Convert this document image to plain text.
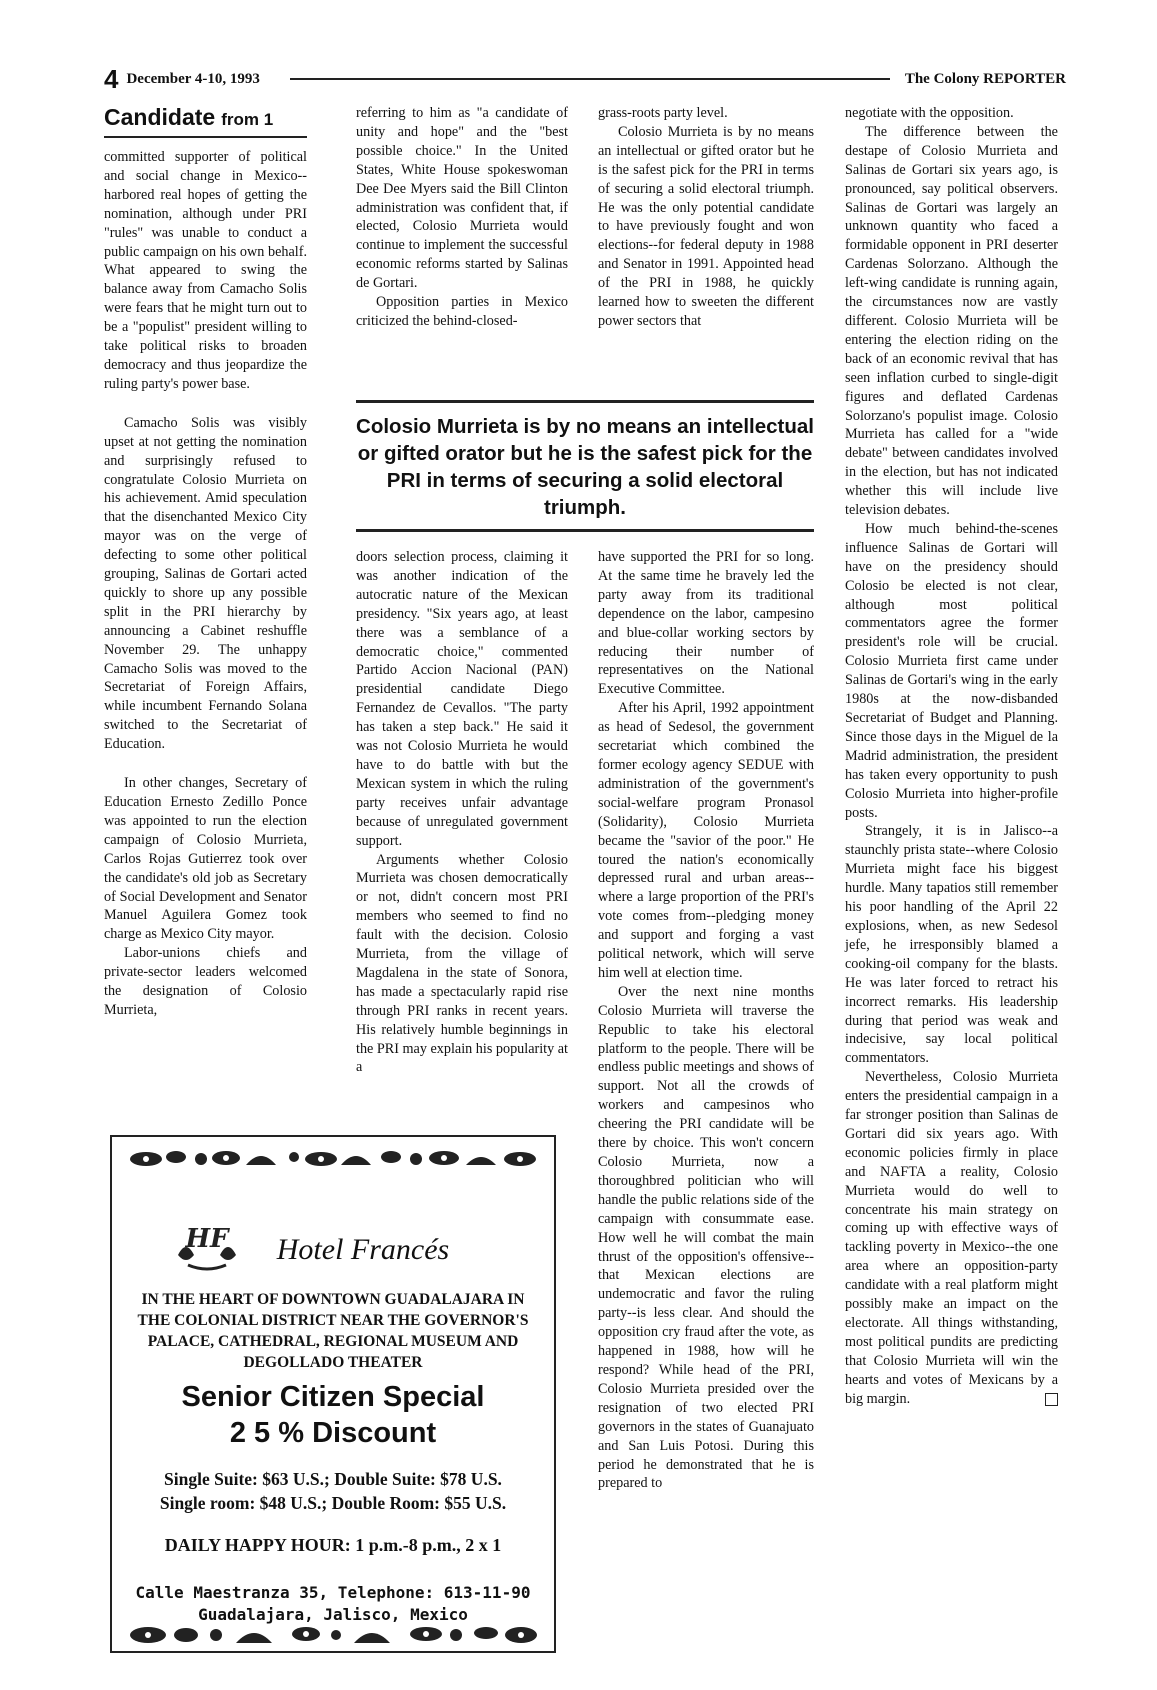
4 December 4-10, 1993	The Colony REPORTER
Candidate from 1

committed supporter of political and social change in Mexico--harbored real hopes of getting the nomination, although under PRI "rules" was unable to conduct a public campaign on his own behalf. What appeared to swing the balance away from Camacho Solis were fears that he might turn out to be a "populist" president willing to take political risks to broaden democracy and thus jeopardize the ruling party's power base.

Camacho Solis was visibly upset at not getting the nomination and surprisingly refused to congratulate Colosio Murrieta on his achievement. Amid speculation that the disenchanted Mexico City mayor was on the verge of defecting to some other political grouping, Salinas de Gortari acted quickly to shore up any possible split in the PRI hierarchy by announcing a Cabinet reshuffle November 29. The unhappy Camacho Solis was moved to the Secretariat of Foreign Affairs, while incumbent Fernando Solana switched to the Secretariat of Education.

In other changes, Secretary of Education Ernesto Zedillo Ponce was appointed to run the election campaign of Colosio Murrieta, Carlos Rojas Gutierrez took over the candidate's old job as Secretary of Social Development and Senator Manuel Aguilera Gomez took charge as Mexico City mayor.

Labor-unions chiefs and private-sector leaders welcomed the designation of Colosio Murrieta,

referring to him as "a candidate of unity and hope" and the "best possible choice." In the United States, White House spokeswoman Dee Dee Myers said the Bill Clinton administration was confident that, if elected, Colosio Murrieta would continue to implement the successful economic reforms started by Salinas de Gortari.

Opposition parties in Mexico criticized the behind-closed-

grass-roots party level.

Colosio Murrieta is by no means an intellectual or gifted orator but he is the safest pick for the PRI in terms of securing a solid electoral triumph. He was the only potential candidate to have previously fought and won elections--for federal deputy in 1988 and Senator in 1991. Appointed head of the PRI in 1988, he quickly learned how to sweeten the different power sectors that

Colosio Murrieta is by no means an intellectual or gifted orator but he is the safest pick for the PRI in terms of securing a solid electoral triumph.

doors selection process, claiming it was another indication of the autocratic nature of the Mexican presidency. "Six years ago, at least there was a semblance of a democratic choice," commented Partido Accion Nacional (PAN) presidential candidate Diego Fernandez de Cevallos. "The party has taken a step back." He said it was not Colosio Murrieta he would have to do battle with but the Mexican system in which the ruling party receives unfair advantage because of unregulated government support.

Arguments whether Colosio Murrieta was chosen democratically or not, didn't concern most PRI members who seemed to find no fault with the decision. Colosio Murrieta, from the village of Magdalena in the state of Sonora, has made a spectacularly rapid rise through PRI ranks in recent years. His relatively humble beginnings in the PRI may explain his popularity at a

have supported the PRI for so long. At the same time he bravely led the party away from its traditional dependence on the labor, campesino and blue-collar working sectors by reducing their number of representatives on the National Executive Committee.

After his April, 1992 appointment as head of Sedesol, the government secretariat which combined the former ecology agency SEDUE with administration of the government's social-welfare program Pronasol (Solidarity), Colosio Murrieta became the "savior of the poor." He toured the nation's economically depressed rural and urban areas--where a large proportion of the PRI's vote comes from--pledging money and support and forging a vast political network, which will serve him well at election time.

Over the next nine months Colosio Murrieta will traverse the Republic to take his electoral platform to the people. There will be endless public meetings and shows of support. Not all the crowds of workers and campesinos who cheering the PRI candidate will be there by choice. This won't concern Colosio Murrieta, now a thoroughbred politician who will handle the public relations side of the campaign with consummate ease. How well he will combat the main thrust of the opposition's offensive--that Mexican elections are undemocratic and favor the ruling party--is less clear. And should the opposition cry fraud after the vote, as happened in 1988, how will he respond? While head of the PRI, Colosio Murrieta presided over the resignation of two elected PRI governors in the states of Guanajuato and San Luis Potosi. During this period he demonstrated that he is prepared to

negotiate with the opposition.

The difference between the destape of Colosio Murrieta and Salinas de Gortari six years ago, is pronounced, say political observers. Salinas de Gortari was largely an unknown quantity who faced a formidable opponent in PRI deserter Cardenas Solorzano. Although the left-wing candidate is running again, the circumstances now are vastly different. Colosio Murrieta will be entering the election riding on the back of an economic revival that has seen inflation curbed to single-digit figures and deflated Cardenas Solorzano's populist image. Colosio Murrieta has called for a "wide debate" between candidates involved in the election, but has not indicated whether this will include live television debates.

How much behind-the-scenes influence Salinas de Gortari will have on the presidency should Colosio be elected is not clear, although most political commentators agree the former president's role will be crucial. Colosio Murrieta first came under Salinas de Gortari's wing in the early 1980s at the now-disbanded Secretariat of Budget and Planning. Since those days in the Miguel de la Madrid administration, the president has taken every opportunity to push Colosio Murrieta into higher-profile posts.

Strangely, it is in Jalisco--a staunchly prista state--where Colosio Murrieta might face his biggest hurdle. Many tapatios still remember his poor handling of the April 22 explosions, when, as new Sedesol jefe, he irresponsibly blamed a cooking-oil company for the blasts. He was later forced to retract his incorrect remarks. His leadership during that period was weak and indecisive, say local political commentators.

Nevertheless, Colosio Murrieta enters the presidential campaign in a far stronger position than Salinas de Gortari did six years ago. With economic policies firmly in place and NAFTA a reality, Colosio Murrieta would do well to concentrate his main strategy on coming up with effective ways of tackling poverty in Mexico--the one area where an opposition-party candidate with a real platform might possibly make an impact on the electorate. All things withstanding, most political pundits are predicting that Colosio Murrieta will win the hearts and votes of Mexicans by a big margin.

HF	Hotel Francés
IN THE HEART OF DOWNTOWN GUADALAJARA IN THE COLONIAL DISTRICT NEAR THE GOVERNOR'S PALACE, CATHEDRAL, REGIONAL MUSEUM AND DEGOLLADO THEATER
Senior Citizen Special
2 5 % Discount
Single Suite: $63 U.S.; Double Suite: $78 U.S.
Single room: $48 U.S.; Double Room: $55 U.S.
DAILY HAPPY HOUR: 1 p.m.-8 p.m., 2 x 1
Calle Maestranza 35, Telephone: 613-11-90
Guadalajara, Jalisco, Mexico
